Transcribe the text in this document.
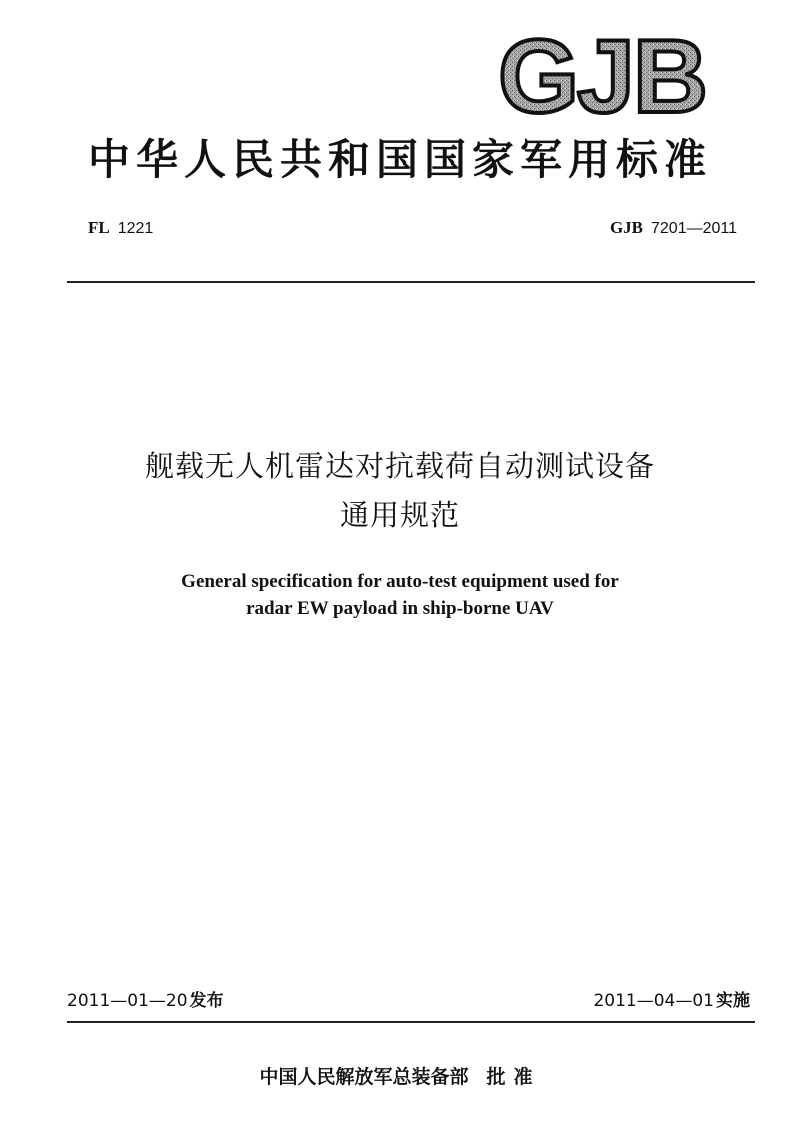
GJB
中华人民共和国国家军用标准
FL 1221	GJB 7201—2011
舰载无人机雷达对抗载荷自动测试设备
通用规范
General specification for auto-test equipment used for
radar EW payload in ship-borne UAV
2011—01—20 发布	2011—04—01 实施
中国人民解放军总装备部 批准
